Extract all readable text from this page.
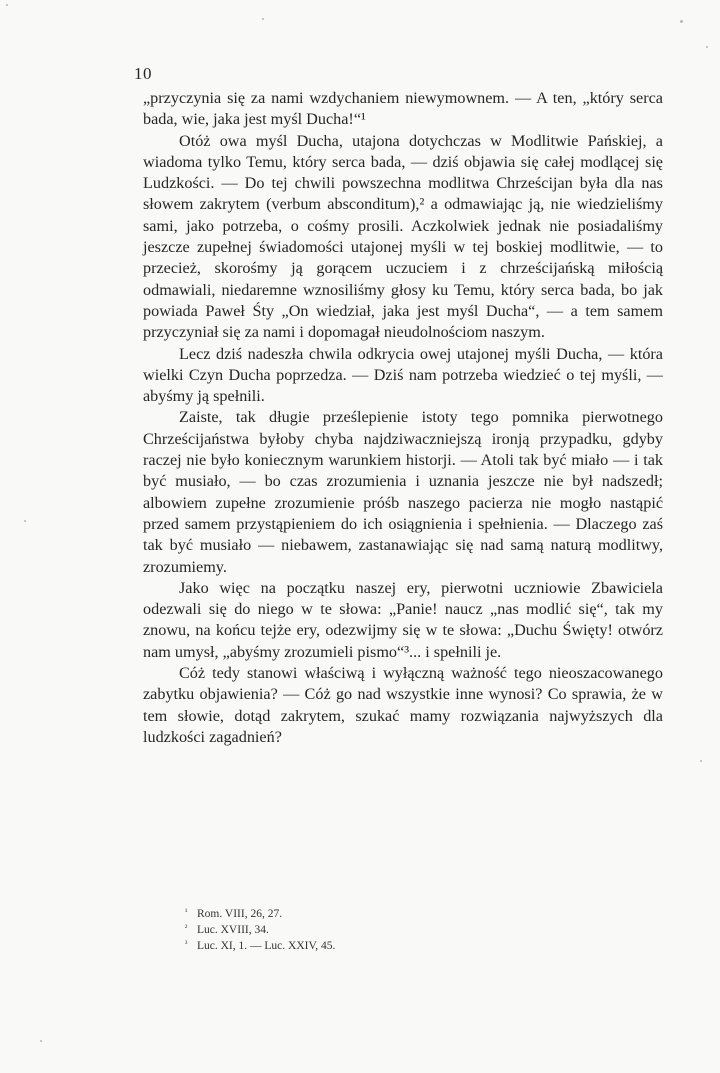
10

„przyczynia się za nami wzdychaniem niewymownem. — A ten, „który serca bada, wie, jaka jest myśl Ducha!“¹

Otóż owa myśl Ducha, utajona dotychczas w Modlitwie Pańskiej, a wiadoma tylko Temu, który serca bada, — dziś objawia się całej modlącej się Ludzkości. — Do tej chwili powszechna modlitwa Chrześcijan była dla nas słowem zakrytem (verbum absconditum),² a odmawiając ją, nie wiedzieliśmy sami, jako potrzeba, o cośmy prosili. Aczkolwiek jednak nie posiadaliśmy jeszcze zupełnej świadomości utajonej myśli w tej boskiej modlitwie, — to przecież, skorośmy ją gorącem uczuciem i z chrześcijańską miłością odmawiali, niedaremne wznosiliśmy głosy ku Temu, który serca bada, bo jak powiada Paweł Śty „On wiedział, jaka jest myśl Ducha“, — a tem samem przyczyniał się za nami i dopomagał nieudolnościom naszym.

Lecz dziś nadeszła chwila odkrycia owej utajonej myśli Ducha, — która wielki Czyn Ducha poprzedza. — Dziś nam potrzeba wiedzieć o tej myśli, — abyśmy ją spełnili.

Zaiste, tak długie prześlepienie istoty tego pomnika pierwotnego Chrześcijaństwa byłoby chyba najdziwaczniejszą ironją przypadku, gdyby raczej nie było koniecznym warunkiem historji. — Atoli tak być miało — i tak być musiało, — bo czas zrozumienia i uznania jeszcze nie był nadszedł; albowiem zupełne zrozumienie próśb naszego pacierza nie mogło nastąpić przed samem przystąpieniem do ich osiągnienia i spełnienia. — Dlaczego zaś tak być musiało — niebawem, zastanawiając się nad samą naturą modlitwy, zrozumiemy.

Jako więc na początku naszej ery, pierwotni uczniowie Zbawiciela odezwali się do niego w te słowa: „Panie! naucz „nas modlić się“, tak my znowu, na końcu tejże ery, odezwijmy się w te słowa: „Duchu Święty! otwórz nam umysł, „abyśmy zrozumieli pismo“³... i spełnili je.

Cóż tedy stanowi właściwą i wyłączną ważność tego nieoszacowanego zabytku objawienia? — Cóż go nad wszystkie inne wynosi? Co sprawia, że w tem słowie, dotąd zakrytem, szukać mamy rozwiązania najwyższych dla ludzkości zagadnień?

¹ Rom. VIII, 26, 27.
² Luc. XVIII, 34.
³ Luc. XI, 1. — Luc. XXIV, 45.
